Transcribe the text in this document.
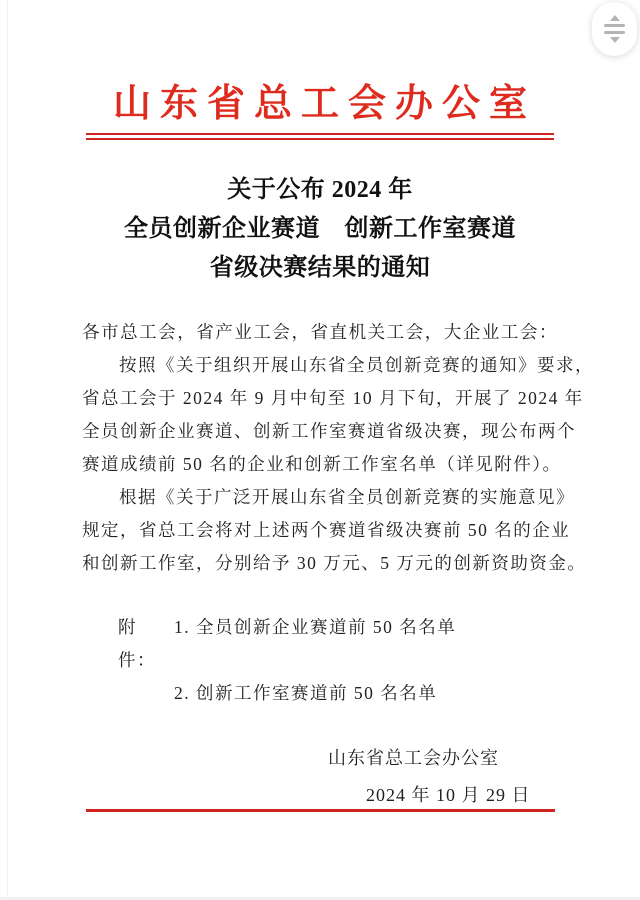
山东省总工会办公室
关于公布 2024 年
全员创新企业赛道　创新工作室赛道
省级决赛结果的通知
各市总工会，省产业工会，省直机关工会，大企业工会：
按照《关于组织开展山东省全员创新竞赛的通知》要求，
省总工会于 2024 年 9 月中旬至 10 月下旬，开展了 2024 年
全员创新企业赛道、创新工作室赛道省级决赛，现公布两个
赛道成绩前 50 名的企业和创新工作室名单（详见附件）。
根据《关于广泛开展山东省全员创新竞赛的实施意见》
规定，省总工会将对上述两个赛道省级决赛前 50 名的企业
和创新工作室，分别给予 30 万元、5 万元的创新资助资金。
附件：
1. 全员创新企业赛道前 50 名名单
2. 创新工作室赛道前 50 名名单
山东省总工会办公室
2024 年 10 月 29 日
